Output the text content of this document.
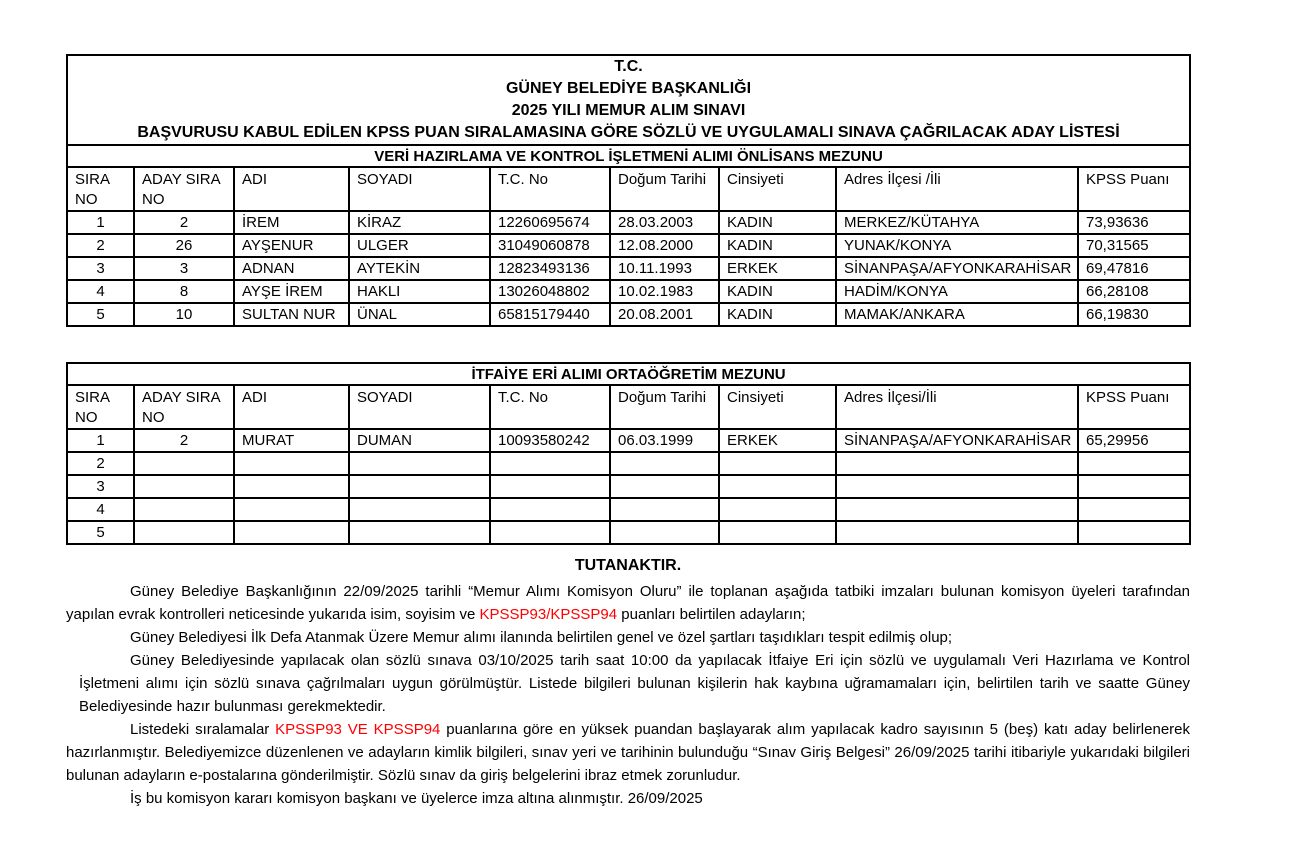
T.C.
GÜNEY BELEDİYE BAŞKANLIĞI
2025 YILI MEMUR ALIM SINAVI
BAŞVURUSU KABUL EDİLEN KPSS PUAN SIRALAMASINA GÖRE SÖZLÜ VE UYGULAMALI SINAVA ÇAĞRILACAK ADAY LİSTESİ								

VERİ HAZIRLAMA VE KONTROL İŞLETMENİ ALIMI ÖNLİSANS MEZUNU								
SIRA NO	ADAY SIRA NO	ADI	SOYADI	T.C. No	Doğum Tarihi	Cinsiyeti	Adres İlçesi /İli	KPSS Puanı
1	2	İREM	KİRAZ	12260695674	28.03.2003	KADIN	MERKEZ/KÜTAHYA	73,93636
2	26	AYŞENUR	ULGER	31049060878	12.08.2000	KADIN	YUNAK/KONYA	70,31565
3	3	ADNAN	AYTEKİN	12823493136	10.11.1993	ERKEK	SİNANPAŞA/AFYONKARAHİSAR	69,47816
4	8	AYŞE İREM	HAKLI	13026048802	10.02.1983	KADIN	HADİM/KONYA	66,28108
5	10	SULTAN NUR	ÜNAL	65815179440	20.08.2001	KADIN	MAMAK/ANKARA	66,19830
İTFAİYE ERİ ALIMI ORTAÖĞRETİM MEZUNU								
SIRA NO	ADAY SIRA NO	ADI	SOYADI	T.C. No	Doğum Tarihi	Cinsiyeti	Adres İlçesi/İli	KPSS Puanı
1	2	MURAT	DUMAN	10093580242	06.03.1999	ERKEK	SİNANPAŞA/AFYONKARAHİSAR	65,29956
2								
3								
4								
5								
TUTANAKTIR.

Güney Belediye Başkanlığının 22/09/2025 tarihli “Memur Alımı Komisyon Oluru” ile toplanan aşağıda tatbiki imzaları bulunan komisyon üyeleri tarafından yapılan evrak kontrolleri neticesinde yukarıda isim, soyisim ve KPSSP93/KPSSP94 puanları belirtilen adayların;

Güney Belediyesi İlk Defa Atanmak Üzere Memur alımı ilanında belirtilen genel ve özel şartları taşıdıkları tespit edilmiş olup;

Güney Belediyesinde yapılacak olan sözlü sınava 03/10/2025 tarih saat 10:00 da yapılacak İtfaiye Eri için sözlü ve uygulamalı Veri Hazırlama ve Kontrol İşletmeni alımı için sözlü sınava çağrılmaları uygun görülmüştür. Listede bilgileri bulunan kişilerin hak kaybına uğramamaları için, belirtilen tarih ve saatte Güney Belediyesinde hazır bulunması gerekmektedir.

Listedeki sıralamalar KPSSP93 VE KPSSP94 puanlarına göre en yüksek puandan başlayarak alım yapılacak kadro sayısının 5 (beş) katı aday belirlenerek hazırlanmıştır. Belediyemizce düzenlenen ve adayların kimlik bilgileri, sınav yeri ve tarihinin bulunduğu “Sınav Giriş Belgesi” 26/09/2025 tarihi itibariyle yukarıdaki bilgileri bulunan adayların e-postalarına gönderilmiştir. Sözlü sınav da giriş belgelerini ibraz etmek zorunludur.

İş bu komisyon kararı komisyon başkanı ve üyelerce imza altına alınmıştır. 26/09/2025
